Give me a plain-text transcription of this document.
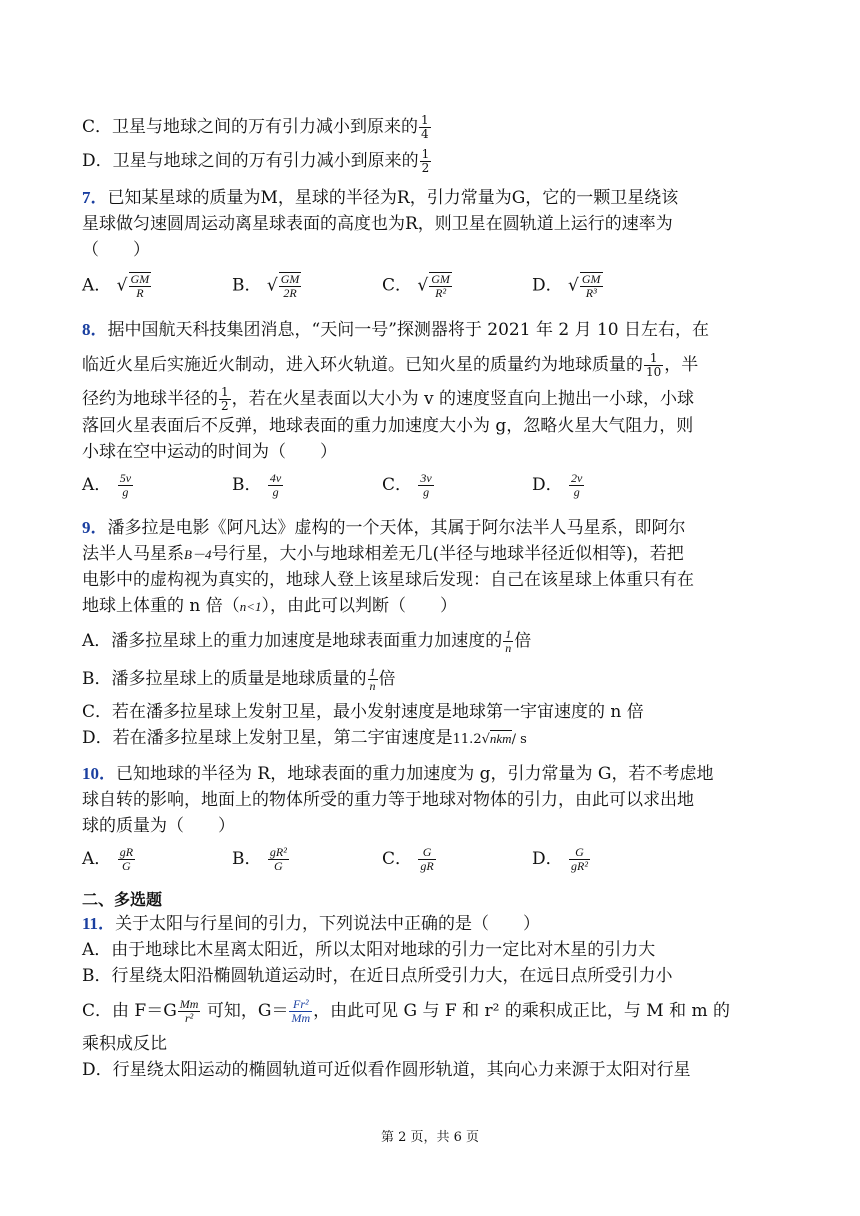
C．卫星与地球之间的万有引力减小到原来的 $\frac{1}{4}$
D．卫星与地球之间的万有引力减小到原来的 $\frac{1}{2}$
7．已知某星球的质量为M，星球的半径为R，引力常量为G，它的一颗卫星绕该
星球做匀速圆周运动离星球表面的高度也为R，则卫星在圆轨道上运行的速率为
（　　）
A． √ $\frac{GM}{R}$	B． √ $\frac{GM}{2R}$	C． √ $\frac{GM}{\text{R²}}$	D． √ $\frac{GM}{\text{R³}}$
8．据中国航天科技集团消息，“天问一号”探测器将于 2021 年 2 月 10 日左右，在
临近火星后实施近火制动，进入环火轨道。已知火星的质量约为地球质量的 $\frac{1}{10}$ ，半
径约为地球半径的 $\frac{1}{2}$ ，若在火星表面以大小为 v 的速度竖直向上抛出一小球，小球
落回火星表面后不反弹，地球表面的重力加速度大小为 g，忽略火星大气阻力，则
小球在空中运动的时间为（　　）
A． $\frac{5v}{g}$	B． $\frac{4v}{g}$	C． $\frac{3v}{g}$	D． $\frac{2v}{g}$
9．潘多拉是电影《阿凡达》虚构的一个天体，其属于阿尔法半人马星系，即阿尔
法半人马星系B－4号行星，大小与地球相差无几(半径与地球半径近似相等)，若把
电影中的虚构视为真实的，地球人登上该星球后发现：自己在该星球上体重只有在
地球上体重的 n 倍（n<1），由此可以判断（　　）
A．潘多拉星球上的重力加速度是地球表面重力加速度的 $\frac{1}{n}$ 倍
B．潘多拉星球上的质量是地球质量的 $\frac{1}{n}$ 倍
C．若在潘多拉星球上发射卫星，最小发射速度是地球第一宇宙速度的 n 倍
D．若在潘多拉星球上发射卫星，第二宇宙速度是11.2√nkm/ s
10．已知地球的半径为 R，地球表面的重力加速度为 g，引力常量为 G，若不考虑地
球自转的影响，地面上的物体所受的重力等于地球对物体的引力，由此可以求出地
球的质量为（　　）
A． $\frac{gR}{G}$	B． $\frac{\text{gR²}}{G}$	C． $\frac{G}{gR}$	D． $\frac{G}{\text{gR²}}$
二、多选题
11．关于太阳与行星间的引力，下列说法中正确的是（　　）
A．由于地球比木星离太阳近，所以太阳对地球的引力一定比对木星的引力大
B．行星绕太阳沿椭圆轨道运动时，在近日点所受引力大，在远日点所受引力小
C．由 $F=G \frac{Mm}{\text{r²}}$ 可知，$G= \frac{\text{Fr²}}{Mm}$ ，由此可见 G 与 F 和 r² 的乘积成正比，与 M 和 m 的
乘积成反比
D．行星绕太阳运动的椭圆轨道可近似看作圆形轨道，其向心力来源于太阳对行星
第 2 页，共 6 页
